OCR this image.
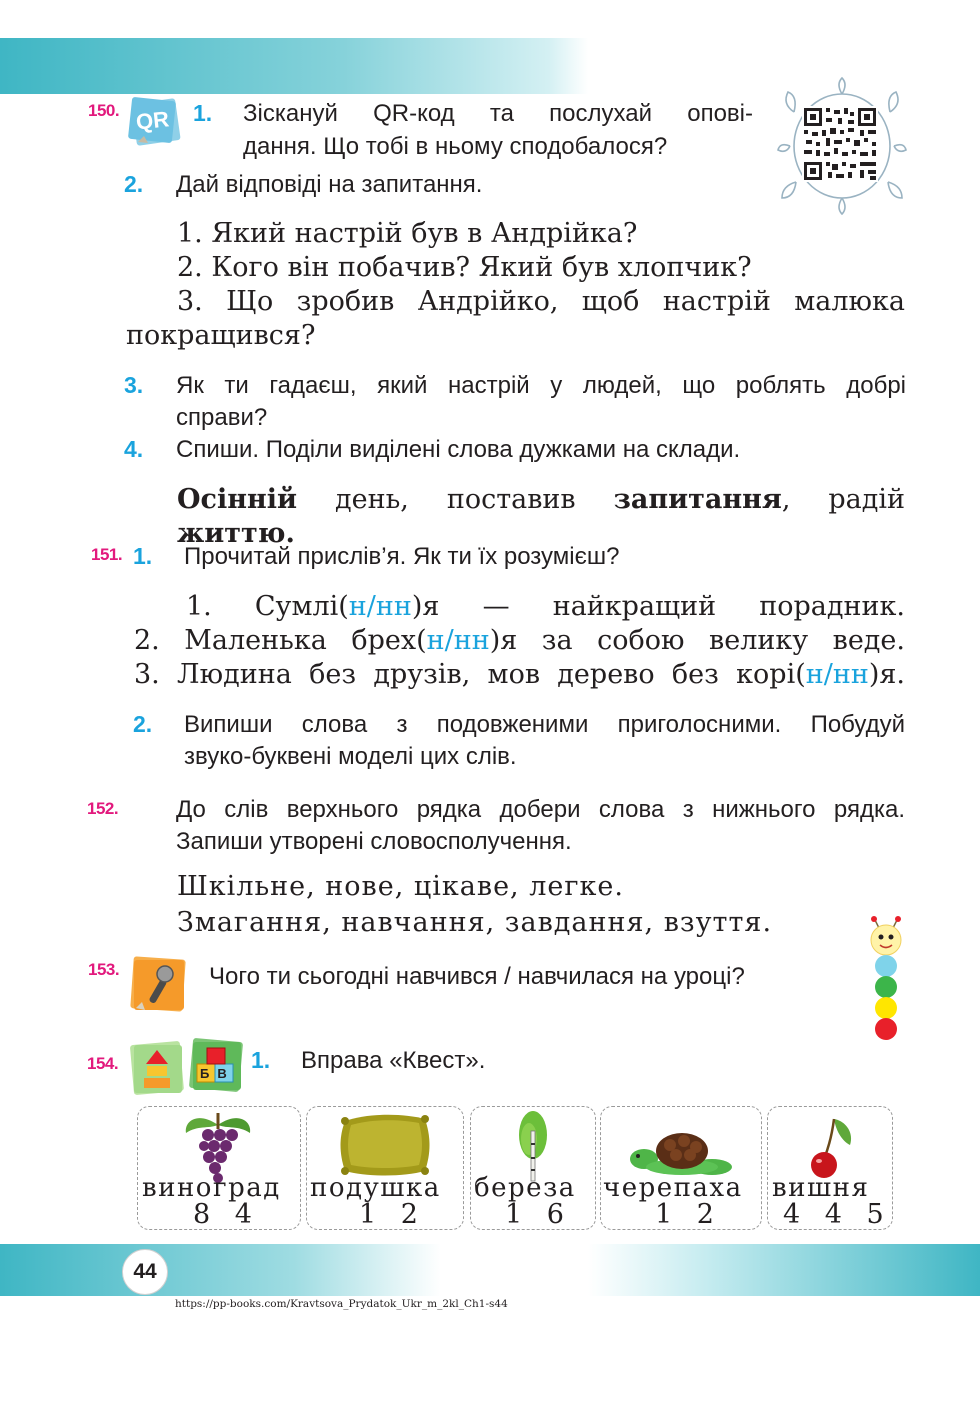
150. QR 1. Зіскануй QR-код та послухай опові-
дання. Що тобі в ньому сподобалося?
2. Дай відповіді на запитання.
1. Який настрій був в Андрійка?
2. Кого він побачив? Який був хлопчик?
3. Що зробив Андрійко, щоб настрій малюка
покращився?
3. Як ти гадаєш, який настрій у людей, що роблять добрі
справи?
4. Спиши. Поділи виділені слова дужками на склади.
Осінній день, поставив запитання, радій життю.
151. 1. Прочитай прислів’я. Як ти їх розумієш?
1. Сумлі(н/нн)я — найкращий порадник.
2. Маленька брех(н/нн)я за собою велику веде.
3. Людина без друзів, мов дерево без корі(н/нн)я.
2. Випиши слова з подовженими приголосними. Побудуй
звуко-буквені моделі цих слів.
152. До слів верхнього рядка добери слова з нижнього рядка.
Запиши утворені словосполучення.
Шкільне, нове, цікаве, легке.
Змагання, навчання, завдання, взуття.
153.	Чого ти сьогодні навчився / навчилася на уроці?
154.
БВ
1. Вправа «Квест».
виноград
8 4
подушка
1 2
береза
1 6
черепаха
1 2
вишня
4 4 5
44
https://pp-books.com/Kravtsova_Prydatok_Ukr_m_2kl_Ch1-s44
